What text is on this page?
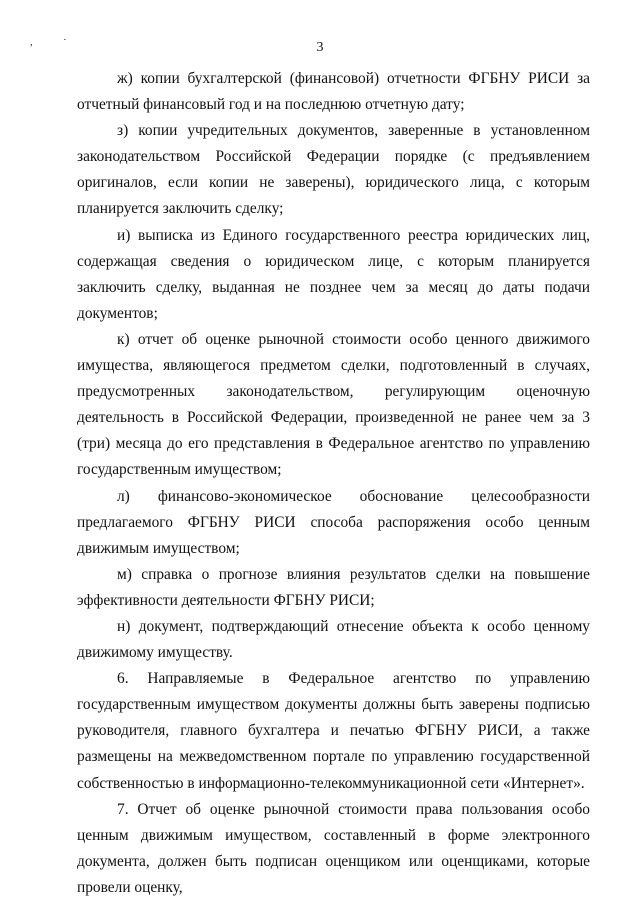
3
,	·

ж) копии бухгалтерской (финансовой) отчетности ФГБНУ РИСИ за отчетный финансовый год и на последнюю отчетную дату;

з) копии учредительных документов, заверенные в установленном законодательством Российской Федерации порядке (с предъявлением оригиналов, если копии не заверены), юридического лица, с которым планируется заключить сделку;

и) выписка из Единого государственного реестра юридических лиц, содержащая сведения о юридическом лице, с которым планируется заключить сделку, выданная не позднее чем за месяц до даты подачи документов;

к) отчет об оценке рыночной стоимости особо ценного движимого имущества, являющегося предметом сделки, подготовленный в случаях, предусмотренных законодательством, регулирующим оценочную деятельность в Российской Федерации, произведенной не ранее чем за 3 (три) месяца до его представления в Федеральное агентство по управлению государственным имуществом;

л) финансово-экономическое обоснование целесообразности предлагаемого ФГБНУ РИСИ способа распоряжения особо ценным движимым имуществом;

м) справка о прогнозе влияния результатов сделки на повышение эффективности деятельности ФГБНУ РИСИ;

н) документ, подтверждающий отнесение объекта к особо ценному движимому имуществу.

6. Направляемые в Федеральное агентство по управлению государственным имуществом документы должны быть заверены подписью руководителя, главного бухгалтера и печатью ФГБНУ РИСИ, а также размещены на межведомственном портале по управлению государственной собственностью в информационно-телекоммуникационной сети «Интернет».

7. Отчет об оценке рыночной стоимости права пользования особо ценным движимым имуществом, составленный в форме электронного документа, должен быть подписан оценщиком или оценщиками, которые провели оценку,
